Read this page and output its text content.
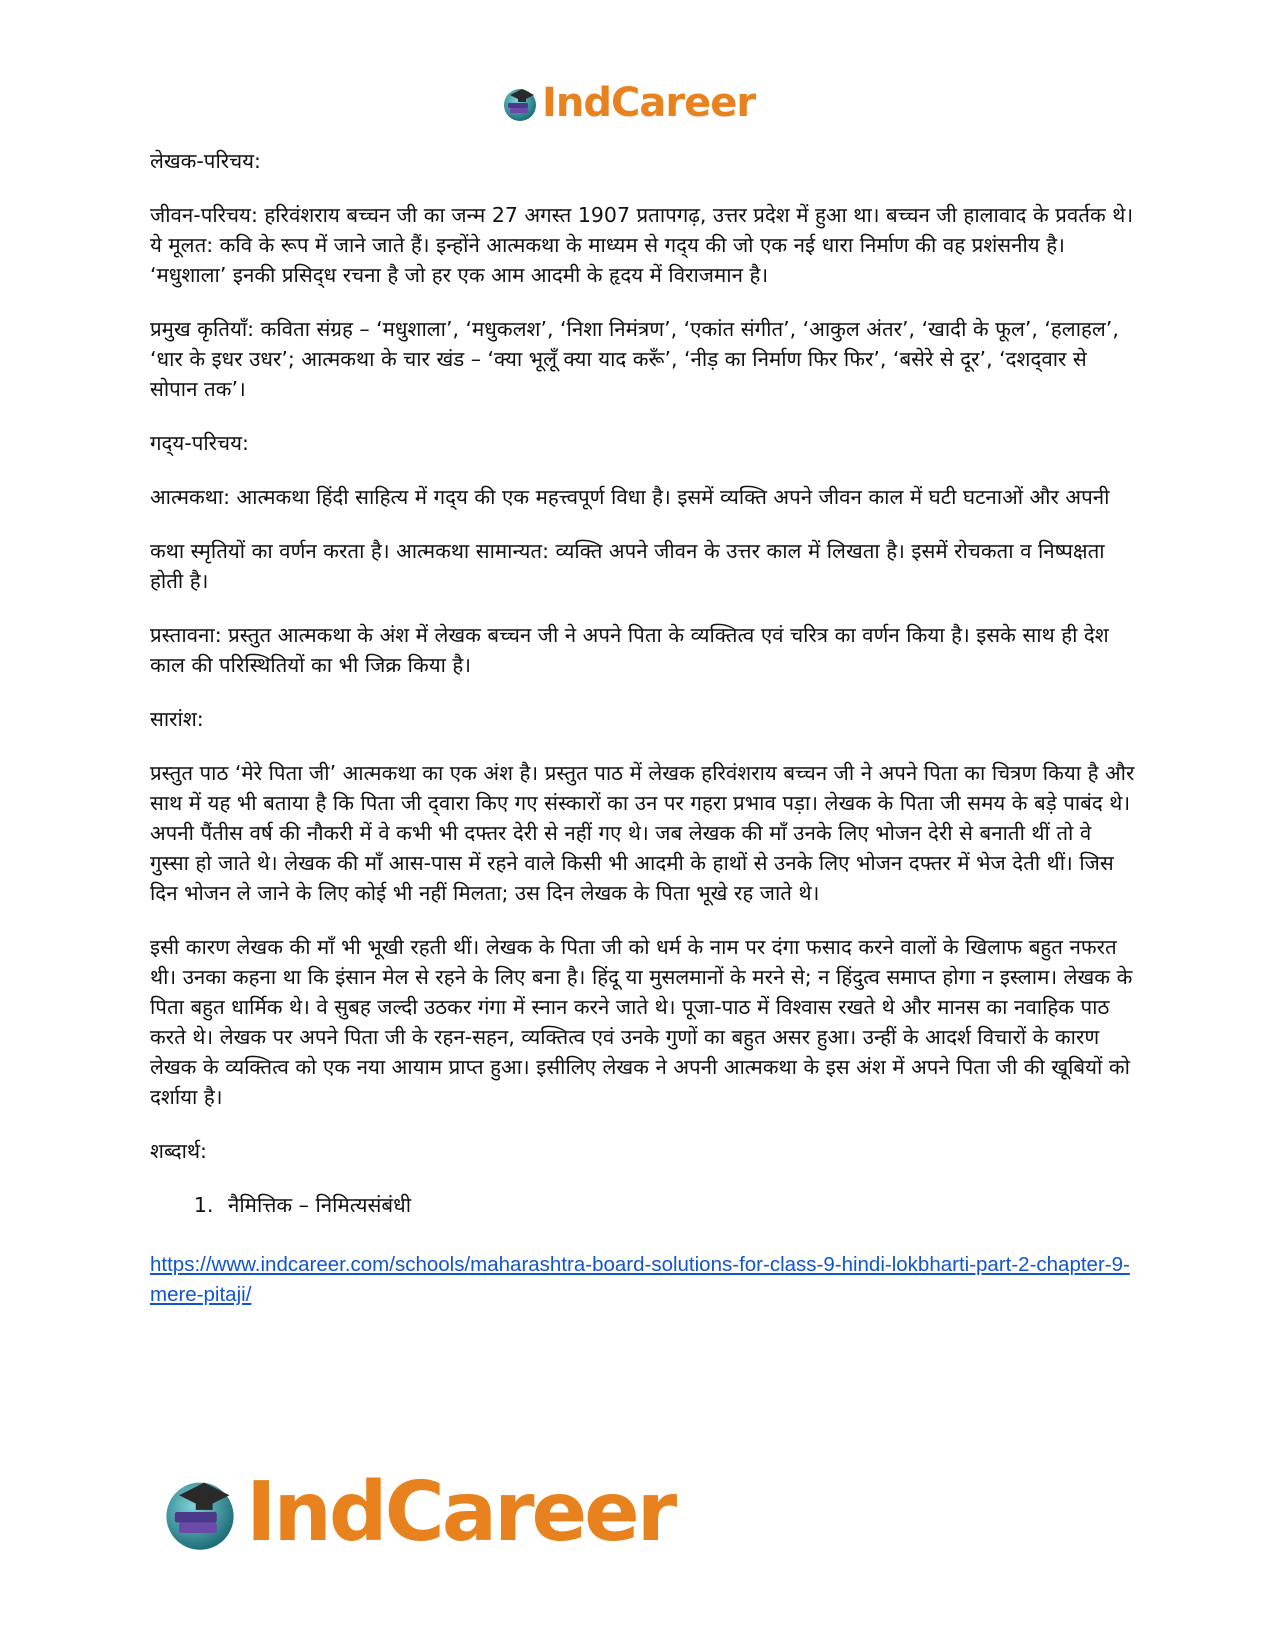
IndCareer

लेखक-परिचय:

जीवन-परिचय: हरिवंशराय बच्चन जी का जन्म 27 अगस्त 1907 प्रतापगढ़, उत्तर प्रदेश में हुआ था। बच्चन जी हालावाद के प्रवर्तक थे। ये मूलत: कवि के रूप में जाने जाते हैं। इन्होंने आत्मकथा के माध्यम से गद्‌य की जो एक नई धारा निर्माण की वह प्रशंसनीय है। ‘मधुशाला’ इनकी प्रसिद्‌ध रचना है जो हर एक आम आदमी के हृदय में विराजमान है।

प्रमुख कृतियाँ: कविता संग्रह – ‘मधुशाला’, ‘मधुकलश’, ‘निशा निमंत्रण’, ‘एकांत संगीत’, ‘आकुल अंतर’, ‘खादी के फूल’, ‘हलाहल’, ‘धार के इधर उधर’; आत्मकथा के चार खंड – ‘क्या भूलूँ क्या याद करूँ’, ‘नीड़ का निर्माण फिर फिर’, ‘बसेरे से दूर’, ‘दशद्‌वार से सोपान तक’।

गद्‌य-परिचय:

आत्मकथा: आत्मकथा हिंदी साहित्य में गद्‌य की एक महत्त्वपूर्ण विधा है। इसमें व्यक्ति अपने जीवन काल में घटी घटनाओं और अपनी

कथा स्मृतियों का वर्णन करता है। आत्मकथा सामान्यत: व्यक्ति अपने जीवन के उत्तर काल में लिखता है। इसमें रोचकता व निष्पक्षता होती है।

प्रस्तावना: प्रस्तुत आत्मकथा के अंश में लेखक बच्चन जी ने अपने पिता के व्यक्तित्व एवं चरित्र का वर्णन किया है। इसके साथ ही देश काल की परिस्थितियों का भी जिक्र किया है।

सारांश:

प्रस्तुत पाठ ‘मेरे पिता जी’ आत्मकथा का एक अंश है। प्रस्तुत पाठ में लेखक हरिवंशराय बच्चन जी ने अपने पिता का चित्रण किया है और साथ में यह भी बताया है कि पिता जी द्‌वारा किए गए संस्कारों का उन पर गहरा प्रभाव पड़ा। लेखक के पिता जी समय के बड़े पाबंद थे। अपनी पैंतीस वर्ष की नौकरी में वे कभी भी दफ्तर देरी से नहीं गए थे। जब लेखक की माँ उनके लिए भोजन देरी से बनाती थीं तो वे गुस्सा हो जाते थे। लेखक की माँ आस-पास में रहने वाले किसी भी आदमी के हाथों से उनके लिए भोजन दफ्तर में भेज देती थीं। जिस दिन भोजन ले जाने के लिए कोई भी नहीं मिलता; उस दिन लेखक के पिता भूखे रह जाते थे।

इसी कारण लेखक की माँ भी भूखी रहती थीं। लेखक के पिता जी को धर्म के नाम पर दंगा फसाद करने वालों के खिलाफ बहुत नफरत थी। उनका कहना था कि इंसान मेल से रहने के लिए बना है। हिंदू या मुसलमानों के मरने से; न हिंदुत्व समाप्त होगा न इस्लाम। लेखक के पिता बहुत धार्मिक थे। वे सुबह जल्दी उठकर गंगा में स्नान करने जाते थे। पूजा-पाठ में विश्वास रखते थे और मानस का नवाहिक पाठ करते थे। लेखक पर अपने पिता जी के रहन-सहन, व्यक्तित्व एवं उनके गुणों का बहुत असर हुआ। उन्हीं के आदर्श विचारों के कारण लेखक के व्यक्तित्व को एक नया आयाम प्राप्त हुआ। इसीलिए लेखक ने अपनी आत्मकथा के इस अंश में अपने पिता जी की खूबियों को दर्शाया है।

शब्दार्थ:

1. नैमित्तिक – निमित्यसंबंधी
https://www.indcareer.com/schools/maharashtra-board-solutions-for-class-9-hindi-lokbharti-part-2-chapter-9-mere-pitaji/
IndCareer
